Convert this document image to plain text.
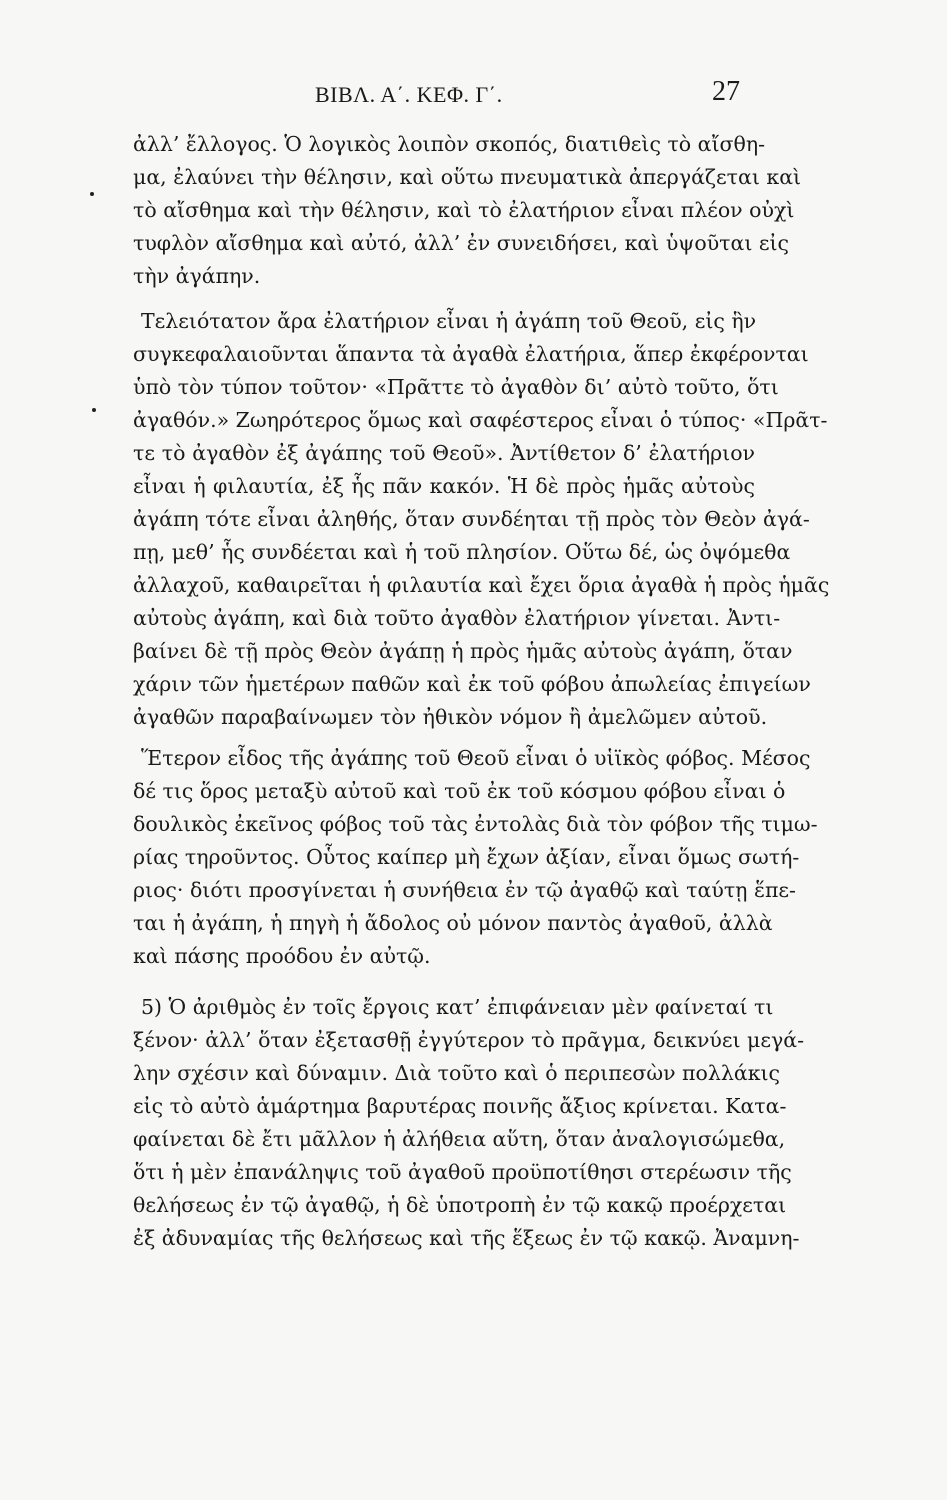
ΒΙΒΛ. Α΄. ΚΕΦ. Γ΄.	27
ἀλλ’ ἔλλογος. Ὁ λογικὸς λοιπὸν σκοπός, διατιθεὶς τὸ αἴσθη-
μα, ἐλαύνει τὴν θέλησιν, καὶ οὕτω πνευματικὰ ἀπεργάζεται καὶ
τὸ αἴσθημα καὶ τὴν θέλησιν, καὶ τὸ ἐλατήριον εἶναι πλέον οὐχὶ
τυφλὸν αἴσθημα καὶ αὐτό, ἀλλ’ ἐν συνειδήσει, καὶ ὑψοῦται εἰς
τὴν ἀγάπην.
Τελειότατον ἄρα ἐλατήριον εἶναι ἡ ἀγάπη τοῦ Θεοῦ, εἰς ἣν
συγκεφαλαιοῦνται ἅπαντα τὰ ἀγαθὰ ἐλατήρια, ἅπερ ἐκφέρονται
ὑπὸ τὸν τύπον τοῦτον· «Πρᾶττε τὸ ἀγαθὸν δι’ αὐτὸ τοῦτο, ὅτι
ἀγαθόν.» Ζωηρότερος ὅμως καὶ σαφέστερος εἶναι ὁ τύπος· «Πρᾶτ-
τε τὸ ἀγαθὸν ἐξ ἀγάπης τοῦ Θεοῦ». Ἀντίθετον δ’ ἐλατήριον
εἶναι ἡ φιλαυτία, ἐξ ἧς πᾶν κακόν. Ἡ δὲ πρὸς ἡμᾶς αὐτοὺς
ἀγάπη τότε εἶναι ἀληθής, ὅταν συνδέηται τῇ πρὸς τὸν Θεὸν ἀγά-
πῃ, μεθ’ ἧς συνδέεται καὶ ἡ τοῦ πλησίον. Οὕτω δέ, ὡς ὀψόμεθα
ἀλλαχοῦ, καθαιρεῖται ἡ φιλαυτία καὶ ἔχει ὅρια ἀγαθὰ ἡ πρὸς ἡμᾶς
αὐτοὺς ἀγάπη, καὶ διὰ τοῦτο ἀγαθὸν ἐλατήριον γίνεται. Ἀντι-
βαίνει δὲ τῇ πρὸς Θεὸν ἀγάπῃ ἡ πρὸς ἡμᾶς αὐτοὺς ἀγάπη, ὅταν
χάριν τῶν ἡμετέρων παθῶν καὶ ἐκ τοῦ φόβου ἀπωλείας ἐπιγείων
ἀγαθῶν παραβαίνωμεν τὸν ἠθικὸν νόμον ἢ ἀμελῶμεν αὐτοῦ.
Ἕτερον εἶδος τῆς ἀγάπης τοῦ Θεοῦ εἶναι ὁ υἱϊκὸς φόβος. Μέσος
δέ τις ὅρος μεταξὺ αὐτοῦ καὶ τοῦ ἐκ τοῦ κόσμου φόβου εἶναι ὁ
δουλικὸς ἐκεῖνος φόβος τοῦ τὰς ἐντολὰς διὰ τὸν φόβον τῆς τιμω-
ρίας τηροῦντος. Οὗτος καίπερ μὴ ἔχων ἀξίαν, εἶναι ὅμως σωτή-
ριος· διότι προσγίνεται ἡ συνήθεια ἐν τῷ ἀγαθῷ καὶ ταύτῃ ἕπε-
ται ἡ ἀγάπη, ἡ πηγὴ ἡ ἄδολος οὐ μόνον παντὸς ἀγαθοῦ, ἀλλὰ
καὶ πάσης προόδου ἐν αὐτῷ.
5) Ὁ ἀριθμὸς ἐν τοῖς ἔργοις κατ’ ἐπιφάνειαν μὲν φαίνεταί τι
ξένον· ἀλλ’ ὅταν ἐξετασθῇ ἐγγύτερον τὸ πρᾶγμα, δεικνύει μεγά-
λην σχέσιν καὶ δύναμιν. Διὰ τοῦτο καὶ ὁ περιπεσὼν πολλάκις
εἰς τὸ αὐτὸ ἁμάρτημα βαρυτέρας ποινῆς ἄξιος κρίνεται. Κατα-
φαίνεται δὲ ἔτι μᾶλλον ἡ ἀλήθεια αὕτη, ὅταν ἀναλογισώμεθα,
ὅτι ἡ μὲν ἐπανάληψις τοῦ ἀγαθοῦ προϋποτίθησι στερέωσιν τῆς
θελήσεως ἐν τῷ ἀγαθῷ, ἡ δὲ ὑποτροπὴ ἐν τῷ κακῷ προέρχεται
ἐξ ἀδυναμίας τῆς θελήσεως καὶ τῆς ἕξεως ἐν τῷ κακῷ. Ἀναμνη-
